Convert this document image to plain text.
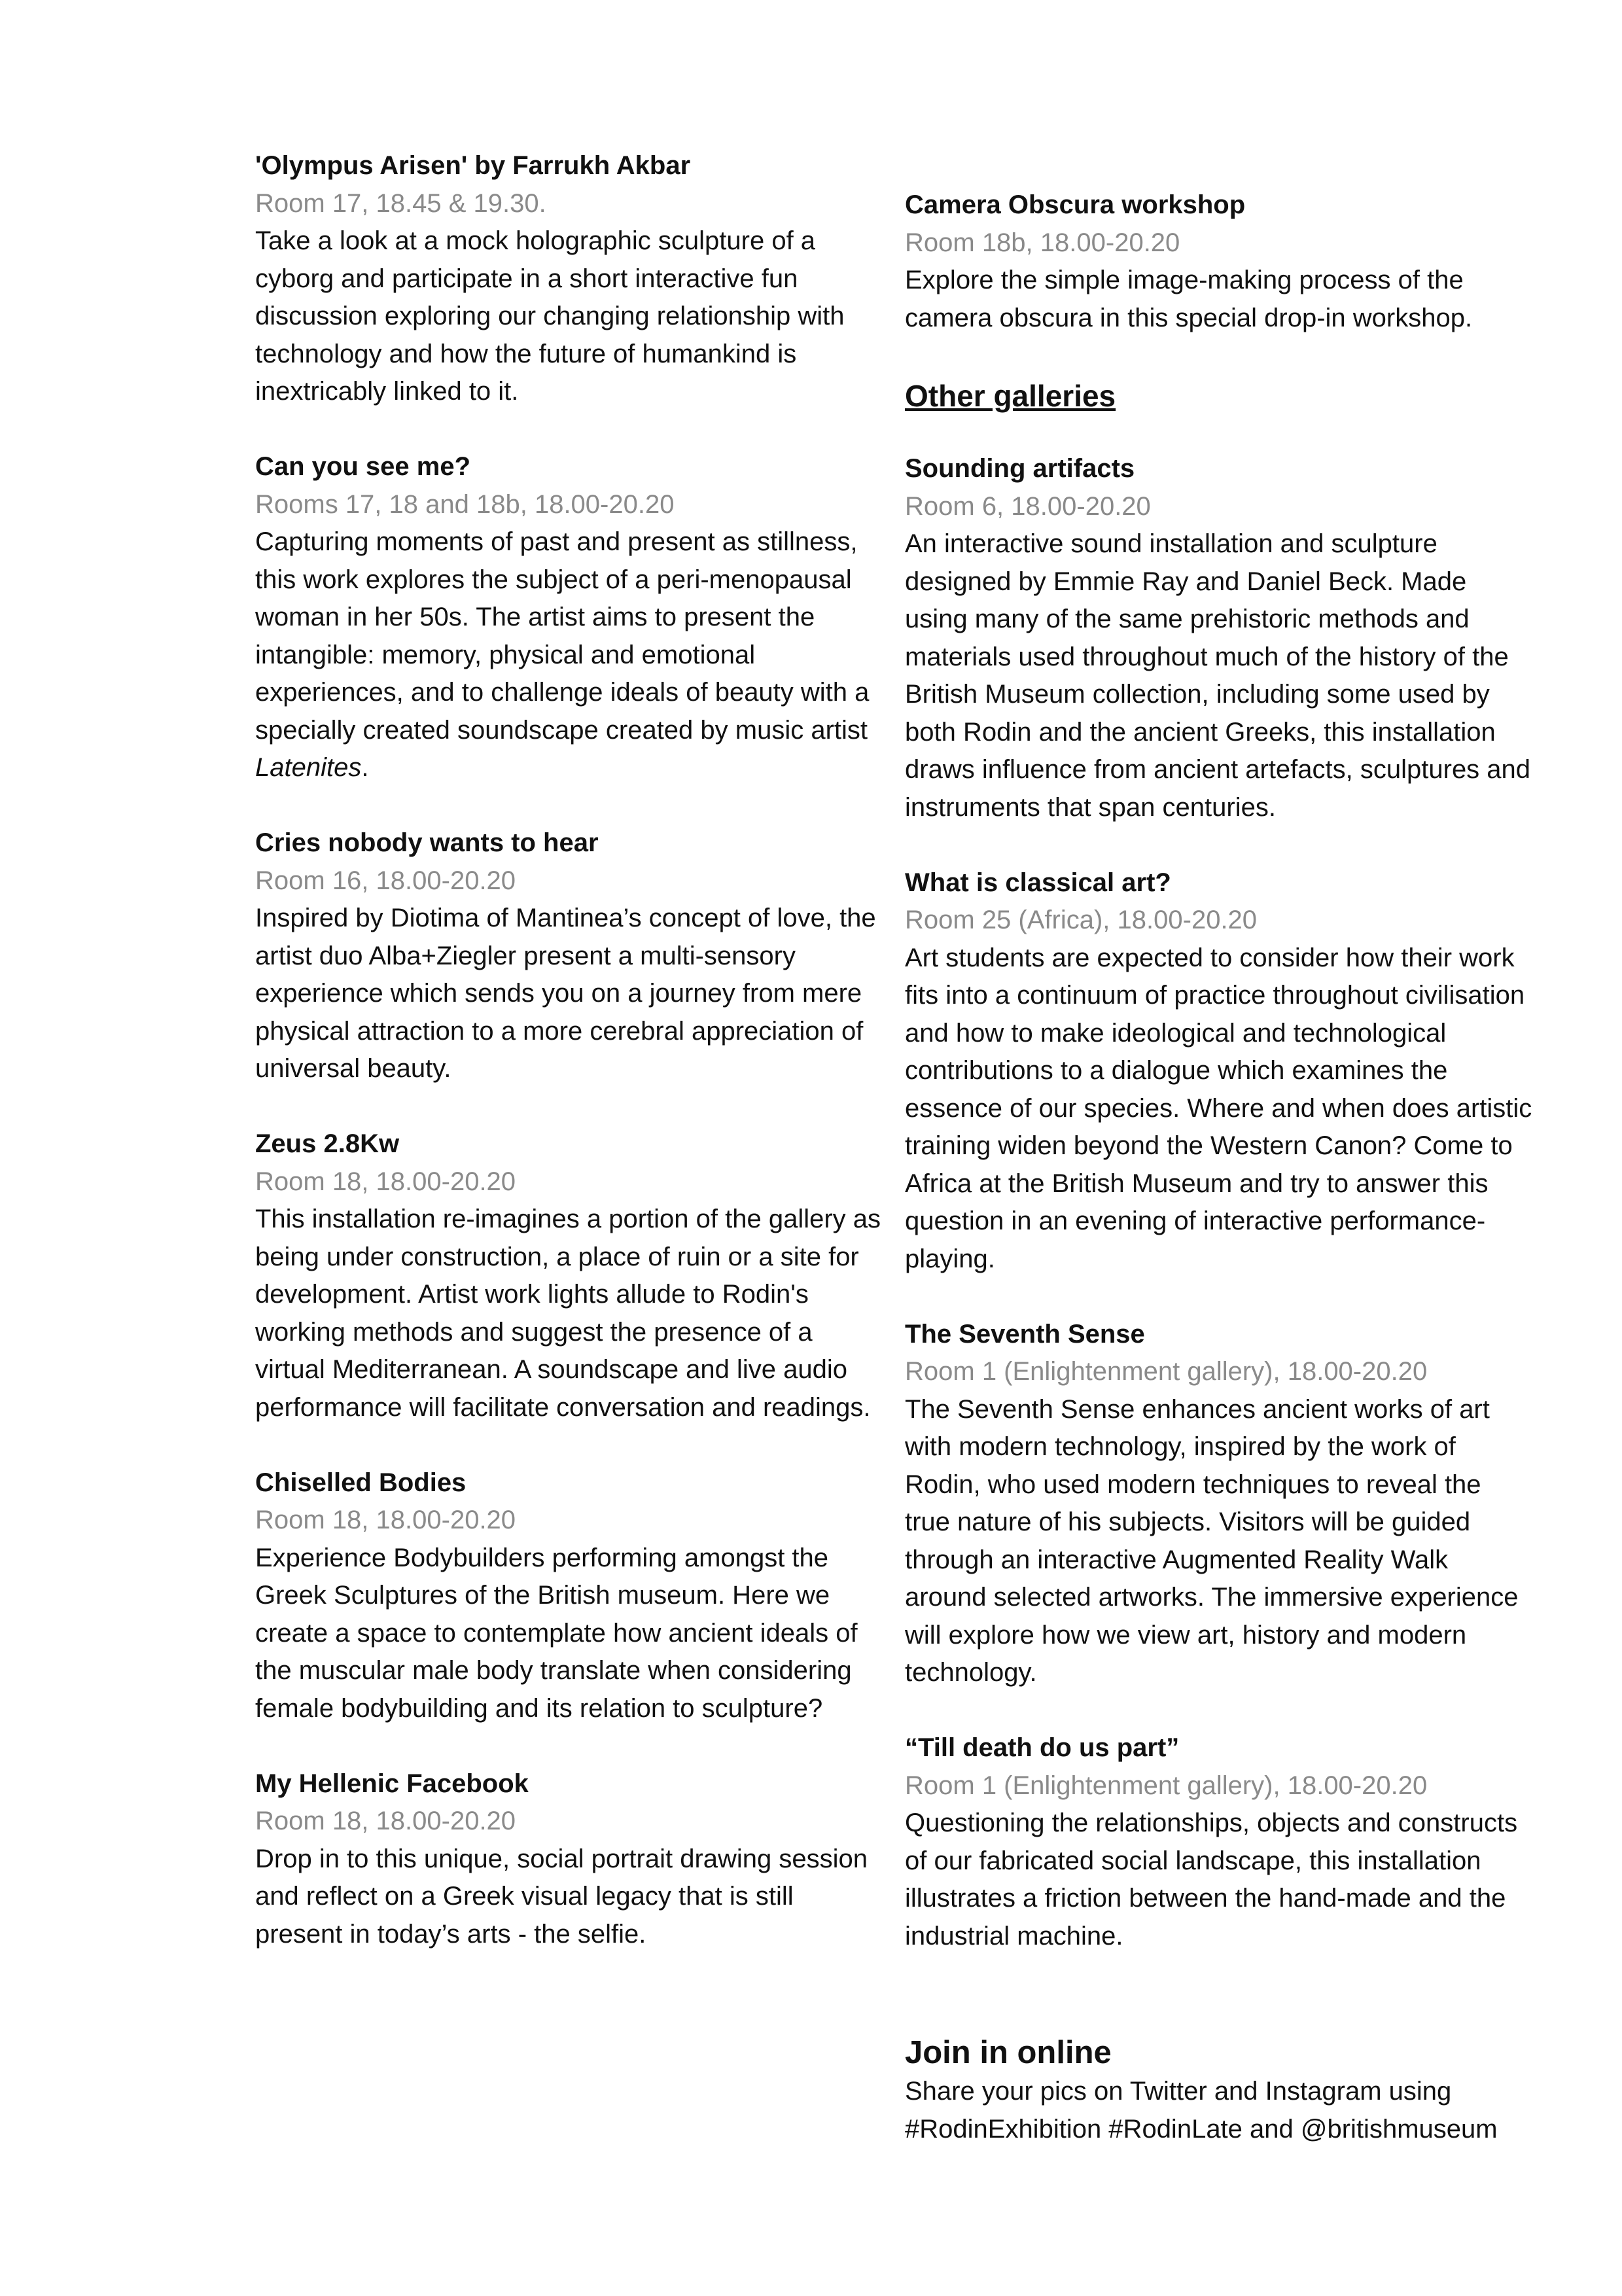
'Olympus Arisen' by Farrukh Akbar

Room 17, 18.45 & 19.30.

Take a look at a mock holographic sculpture of a cyborg and participate in a short interactive fun discussion exploring our changing relationship with technology and how the future of humankind is inextricably linked to it.

Can you see me?

Rooms 17, 18 and 18b, 18.00-20.20

Capturing moments of past and present as stillness, this work explores the subject of a peri-menopausal woman in her 50s. The artist aims to present the intangible: memory, physical and emotional experiences, and to challenge ideals of beauty with a specially created soundscape created by music artist Latenites.

Cries nobody wants to hear

Room 16, 18.00-20.20

Inspired by Diotima of Mantinea’s concept of love, the artist duo Alba+Ziegler present a multi-sensory experience which sends you on a journey from mere physical attraction to a more cerebral appreciation of universal beauty.

Zeus 2.8Kw

Room 18, 18.00-20.20

This installation re-imagines a portion of the gallery as being under construction, a place of ruin or a site for development. Artist work lights allude to Rodin's working methods and suggest the presence of a virtual Mediterranean. A soundscape and live audio performance will facilitate conversation and readings.

Chiselled Bodies

Room 18, 18.00-20.20

Experience Bodybuilders performing amongst the Greek Sculptures of the British museum. Here we create a space to contemplate how ancient ideals of the muscular male body translate when considering female bodybuilding and its relation to sculpture?

My Hellenic Facebook

Room 18, 18.00-20.20

Drop in to this unique, social portrait drawing session and reflect on a Greek visual legacy that is still present in today’s arts - the selfie.

Camera Obscura workshop

Room 18b, 18.00-20.20

Explore the simple image-making process of the camera obscura in this special drop-in workshop.

Other galleries

Sounding artifacts

Room 6, 18.00-20.20

An interactive sound installation and sculpture designed by Emmie Ray and Daniel Beck. Made using many of the same prehistoric methods and materials used throughout much of the history of the British Museum collection, including some used by both Rodin and the ancient Greeks, this installation draws influence from ancient artefacts, sculptures and instruments that span centuries.

What is classical art?

Room 25 (Africa), 18.00-20.20

Art students are expected to consider how their work fits into a continuum of practice throughout civilisation and how to make ideological and technological contributions to a dialogue which examines the essence of our species. Where and when does artistic training widen beyond the Western Canon? Come to Africa at the British Museum and try to answer this question in an evening of interactive performance-playing.

The Seventh Sense

Room 1 (Enlightenment gallery), 18.00-20.20

The Seventh Sense enhances ancient works of art with modern technology, inspired by the work of Rodin, who used modern techniques to reveal the true nature of his subjects. Visitors will be guided through an interactive Augmented Reality Walk around selected artworks. The immersive experience will explore how we view art, history and modern technology.

“Till death do us part”

Room 1 (Enlightenment gallery), 18.00-20.20

Questioning the relationships, objects and constructs of our fabricated social landscape, this installation illustrates a friction between the hand-made and the industrial machine.

Join in online

Share your pics on Twitter and Instagram using #RodinExhibition #RodinLate and @britishmuseum
